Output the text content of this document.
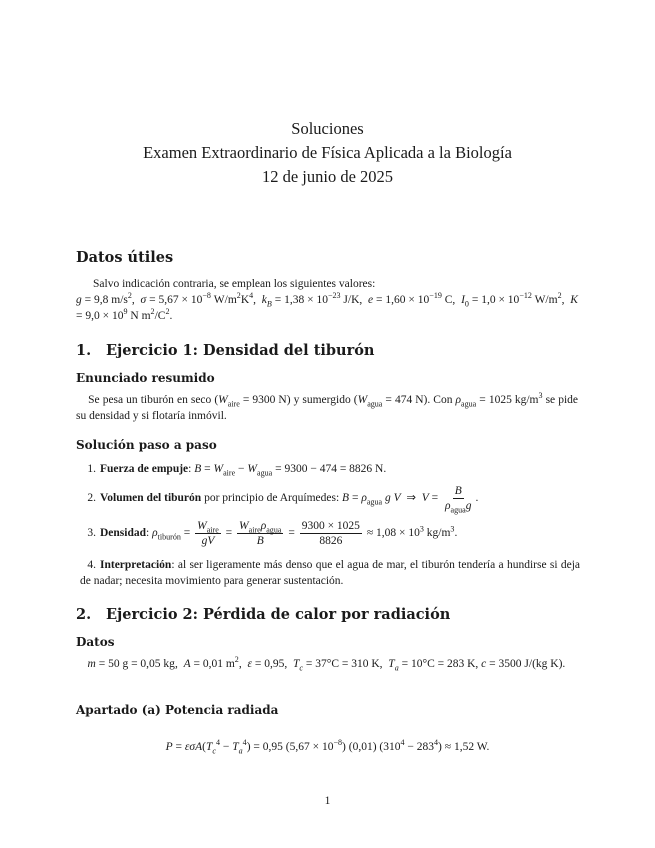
Soluciones
Examen Extraordinario de Física Aplicada a la Biología
12 de junio de 2025
Datos útiles
Salvo indicación contraria, se emplean los siguientes valores:
g = 9,8 $m/s^2$,  $\sigma = 5,67 \times 10^{-8}$ $W/m^2K^4$,  $k_B = 1,38 \times 10^{-23}$ J/K,  $e = 1,60 \times 10^{-19}$ C,  $I_0 = 1,0 \times 10^{-12}$ $W/m^2$,  $K = 9,0 \times 10^9$ N $m^2/C^2$.
1. Ejercicio 1: Densidad del tiburón
Enunciado resumido
Se pesa un tiburón en seco ($W_{aire} = 9300$ N) y sumergido ($W_{agua} = 474$ N). Con $\rho_{agua} = 1025$ $kg/m^3$ se pide su densidad y si flotaría inmóvil.
Solución paso a paso
1. Fuerza de empuje: $B = W_{aire} - W_{agua} = 9300 - 474 = 8826$ N.
2. Volumen del tiburón por principio de Arquímedes: $B = \rho_{agua}$ g V  ⇒  $V = \frac{B}{\rho_{agua}g}$ .
3. Densidad: $\rho_{tiburón} = \frac{W_{aire}}{gV} = \frac{W_{aire}\rho_{agua}}{B} = \frac{9300 \times 1025}{8826} \approx 1,08 \times 10^3$ $kg/m^3$.
4. Interpretación: al ser ligeramente más denso que el agua de mar, el tiburón tendería a hundirse si deja de nadar; necesita movimiento para generar sustentación.
2. Ejercicio 2: Pérdida de calor por radiación
Datos
m = 50 g = 0,05 kg,  A = 0,01 $m^2$,  ε = 0,95,  $T_c = 37^\circ C = 310$ K,  $T_a = 10^\circ C = 283$ K, c = 3500 J/(kg K).
Apartado (a) Potencia radiada
$P = \varepsilon\sigma A(T_c^4 - T_a^4) = 0,95$ $(5,67 \times 10^{-8})$ (0,01) $(310^4 - 283^4) \approx 1,52$ W.
1
